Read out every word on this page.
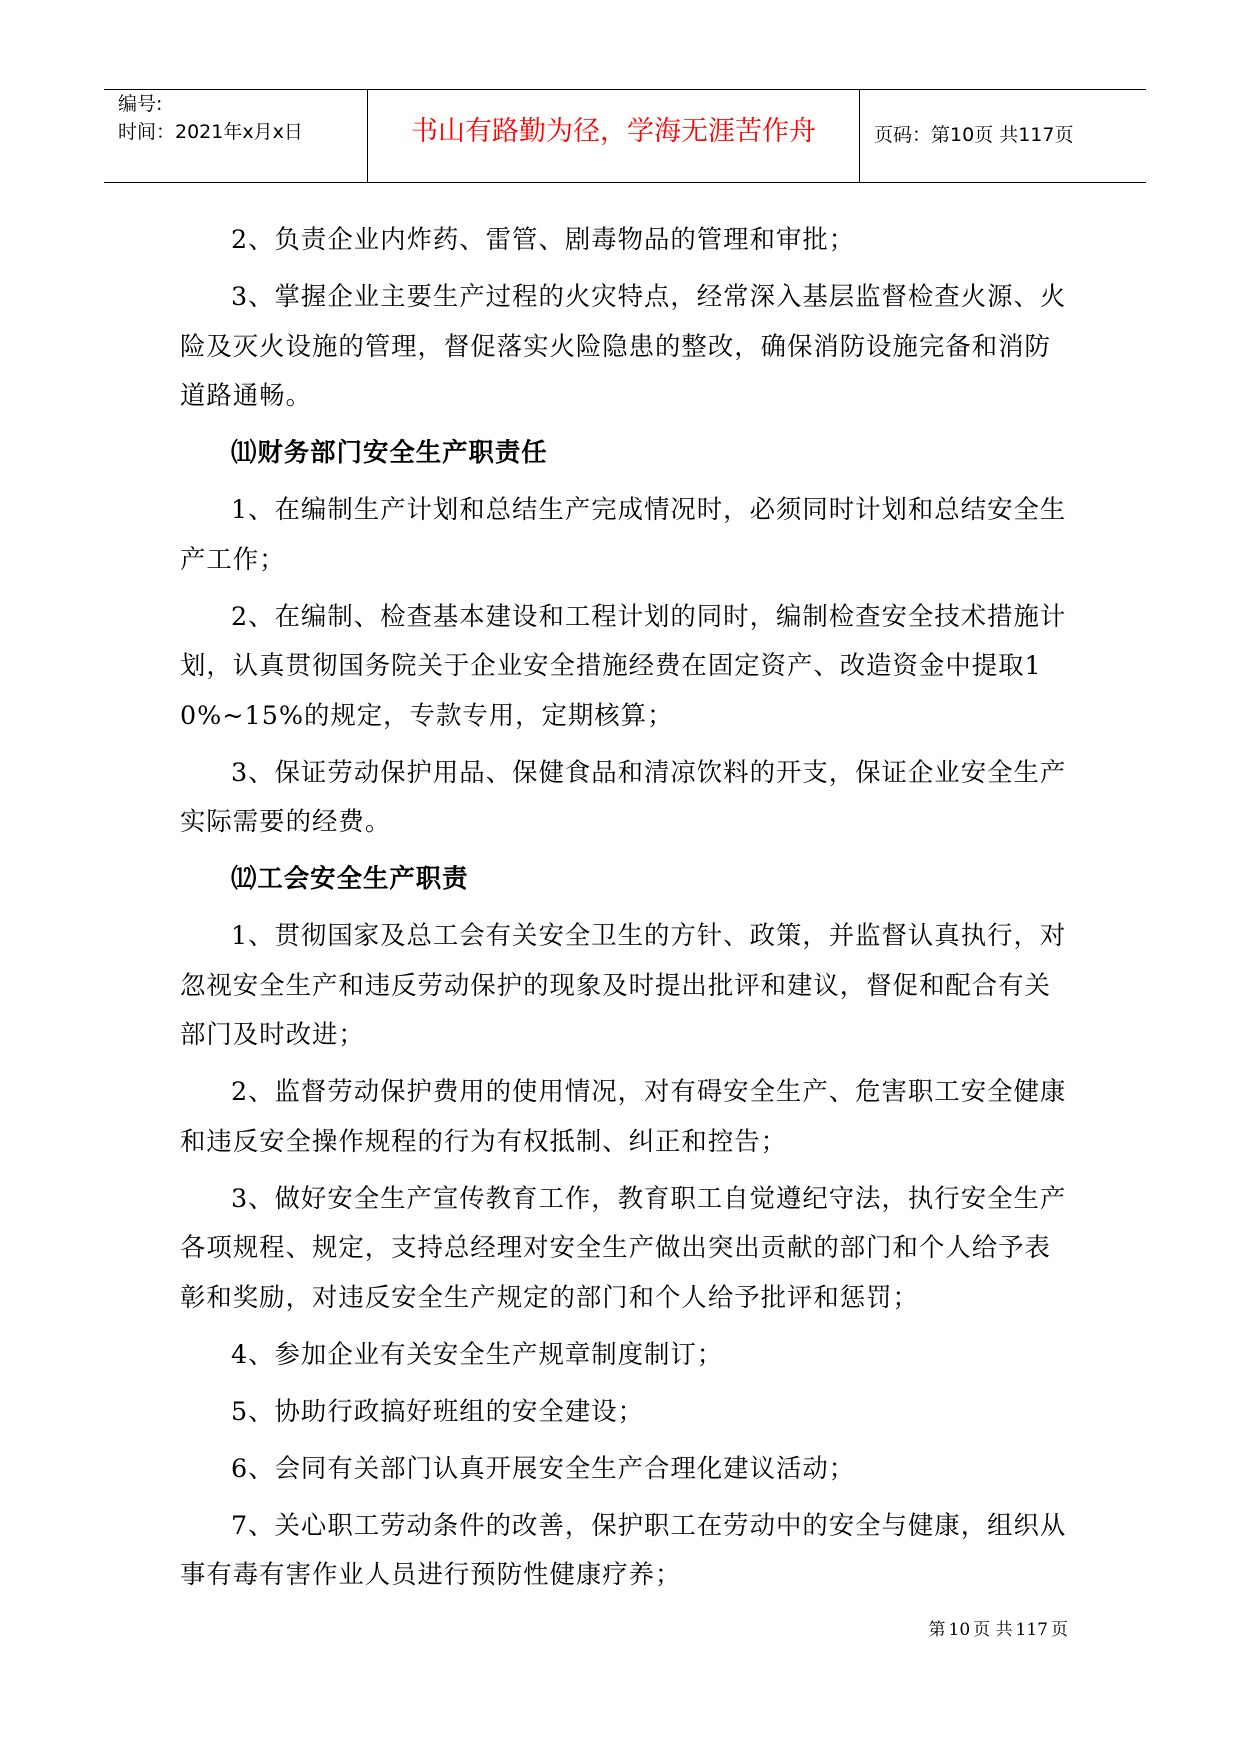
编号:
时间：2021年x月x日	书山有路勤为径，学海无涯苦作舟	页码：第10页 共117页

2、负责企业内炸药、雷管、剧毒物品的管理和审批；

3、掌握企业主要生产过程的火灾特点，经常深入基层监督检查火源、火险及灭火设施的管理，督促落实火险隐患的整改，确保消防设施完备和消防道路通畅。

⑾财务部门安全生产职责任

1、在编制生产计划和总结生产完成情况时，必须同时计划和总结安全生产工作；

2、在编制、检查基本建设和工程计划的同时，编制检查安全技术措施计划，认真贯彻国务院关于企业安全措施经费在固定资产、改造资金中提取10%~15%的规定，专款专用，定期核算；

3、保证劳动保护用品、保健食品和清凉饮料的开支，保证企业安全生产实际需要的经费。

⑿工会安全生产职责

1、贯彻国家及总工会有关安全卫生的方针、政策，并监督认真执行，对忽视安全生产和违反劳动保护的现象及时提出批评和建议，督促和配合有关部门及时改进；

2、监督劳动保护费用的使用情况，对有碍安全生产、危害职工安全健康和违反安全操作规程的行为有权抵制、纠正和控告；

3、做好安全生产宣传教育工作，教育职工自觉遵纪守法，执行安全生产各项规程、规定，支持总经理对安全生产做出突出贡献的部门和个人给予表彰和奖励，对违反安全生产规定的部门和个人给予批评和惩罚；

4、参加企业有关安全生产规章制度制订；

5、协助行政搞好班组的安全建设；

6、会同有关部门认真开展安全生产合理化建议活动；

7、关心职工劳动条件的改善，保护职工在劳动中的安全与健康，组织从事有毒有害作业人员进行预防性健康疗养；

第 10 页 共 117 页
